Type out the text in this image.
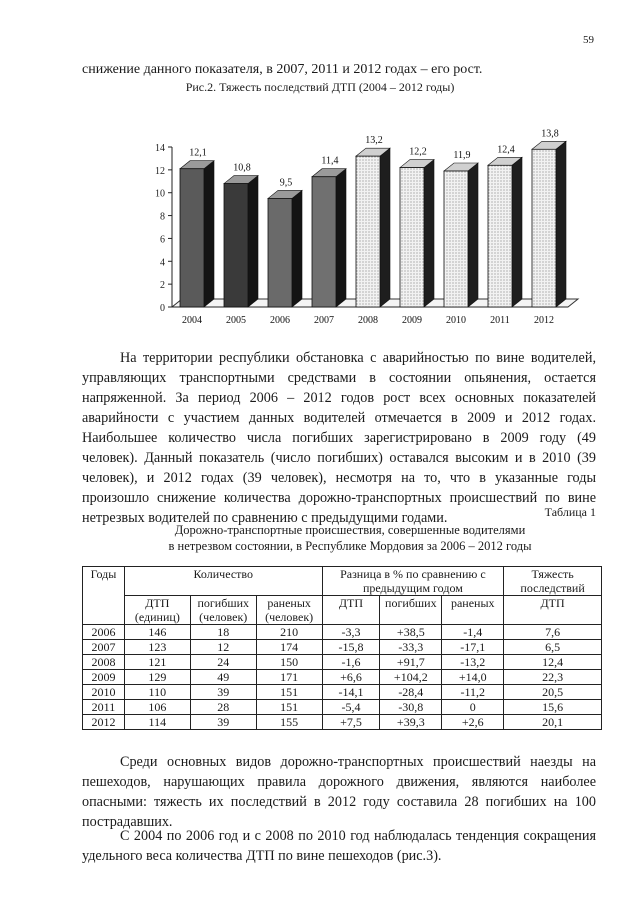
59
снижение данного показателя, в 2007, 2011 и 2012 годах – его рост.
Рис.2. Тяжесть последствий ДТП (2004 – 2012 годы)
0
2
4
6
8
10
12
14 12,1
2004
10,8
2005
9,5
2006
11,4
2007
13,2
2008
12,2
2009
11,9
2010
12,4
2011
13,8
2012

На территории республики обстановка с аварийностью по вине водителей, управляющих транспортными средствами в состоянии опьянения, остается напряженной. За период 2006 – 2012 годов рост всех основных показателей аварийности с участием данных водителей отмечается в 2009 и 2012 годах. Наибольшее количество числа погибших зарегистрировано в 2009 году (49 человек). Данный показатель (число погибших) оставался высоким и в 2010 (39 человек), и 2012 годах (39 человек), несмотря на то, что в указанные годы произошло снижение количества дорожно-транспортных происшествий по вине нетрезвых водителей по сравнению с предыдущими годами.	Таблица 1
Дорожно-транспортные происшествия, совершенные водителями
в нетрезвом состоянии, в Республике Мордовия за 2006 – 2012 годы
Годы	Количество			Разница в % по сравнению с предыдущим годом			Тяжесть последствий
	ДТП (единиц)	погибших (человек)	раненых (человек)	ДТП	погибших	раненых	ДТП
2006	146	18	210	-3,3	+38,5	-1,4	7,6
2007	123	12	174	-15,8	-33,3	-17,1	6,5
2008	121	24	150	-1,6	+91,7	-13,2	12,4
2009	129	49	171	+6,6	+104,2	+14,0	22,3
2010	110	39	151	-14,1	-28,4	-11,2	20,5
2011	106	28	151	-5,4	-30,8	0	15,6
2012	114	39	155	+7,5	+39,3	+2,6	20,1

Среди основных видов дорожно-транспортных происшествий наезды на пешеходов, нарушающих правила дорожного движения, являются наиболее опасными: тяжесть их последствий в 2012 году составила 28 погибших на 100 пострадавших.

С 2004 по 2006 год и с 2008 по 2010 год наблюдалась тенденция сокращения удельного веса количества ДТП по вине пешеходов (рис.3).
